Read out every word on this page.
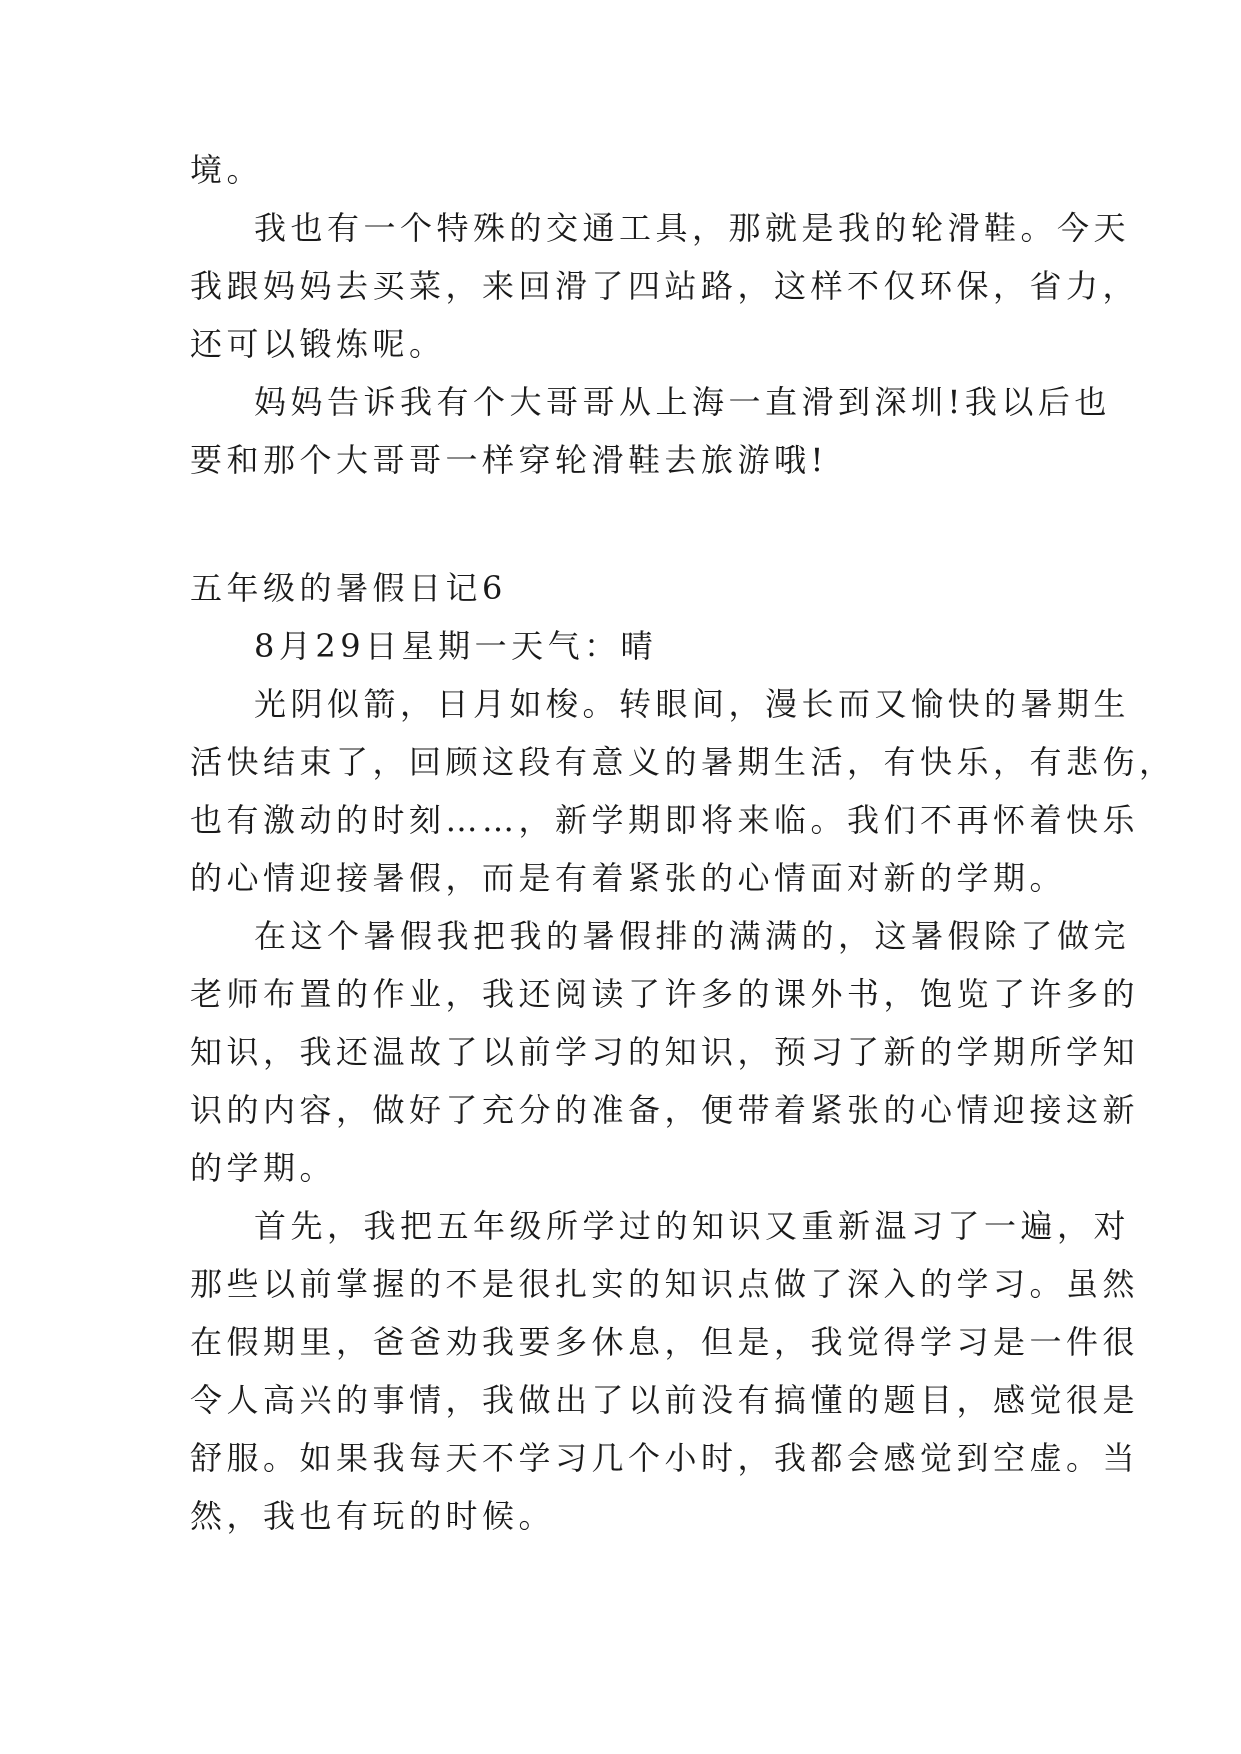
境。
我也有一个特殊的交通工具，那就是我的轮滑鞋。今天
我跟妈妈去买菜，来回滑了四站路，这样不仅环保，省力，
还可以锻炼呢。
妈妈告诉我有个大哥哥从上海一直滑到深圳!我以后也
要和那个大哥哥一样穿轮滑鞋去旅游哦!
五年级的暑假日记6
8月29日星期一天气：晴
光阴似箭，日月如梭。转眼间，漫长而又愉快的暑期生
活快结束了，回顾这段有意义的暑期生活，有快乐，有悲伤，
也有激动的时刻……，新学期即将来临。我们不再怀着快乐
的心情迎接暑假，而是有着紧张的心情面对新的学期。
在这个暑假我把我的暑假排的满满的，这暑假除了做完
老师布置的作业，我还阅读了许多的课外书，饱览了许多的
知识，我还温故了以前学习的知识，预习了新的学期所学知
识的内容，做好了充分的准备，便带着紧张的心情迎接这新
的学期。
首先，我把五年级所学过的知识又重新温习了一遍，对
那些以前掌握的不是很扎实的知识点做了深入的学习。虽然
在假期里，爸爸劝我要多休息，但是，我觉得学习是一件很
令人高兴的事情，我做出了以前没有搞懂的题目，感觉很是
舒服。如果我每天不学习几个小时，我都会感觉到空虚。当
然，我也有玩的时候。
